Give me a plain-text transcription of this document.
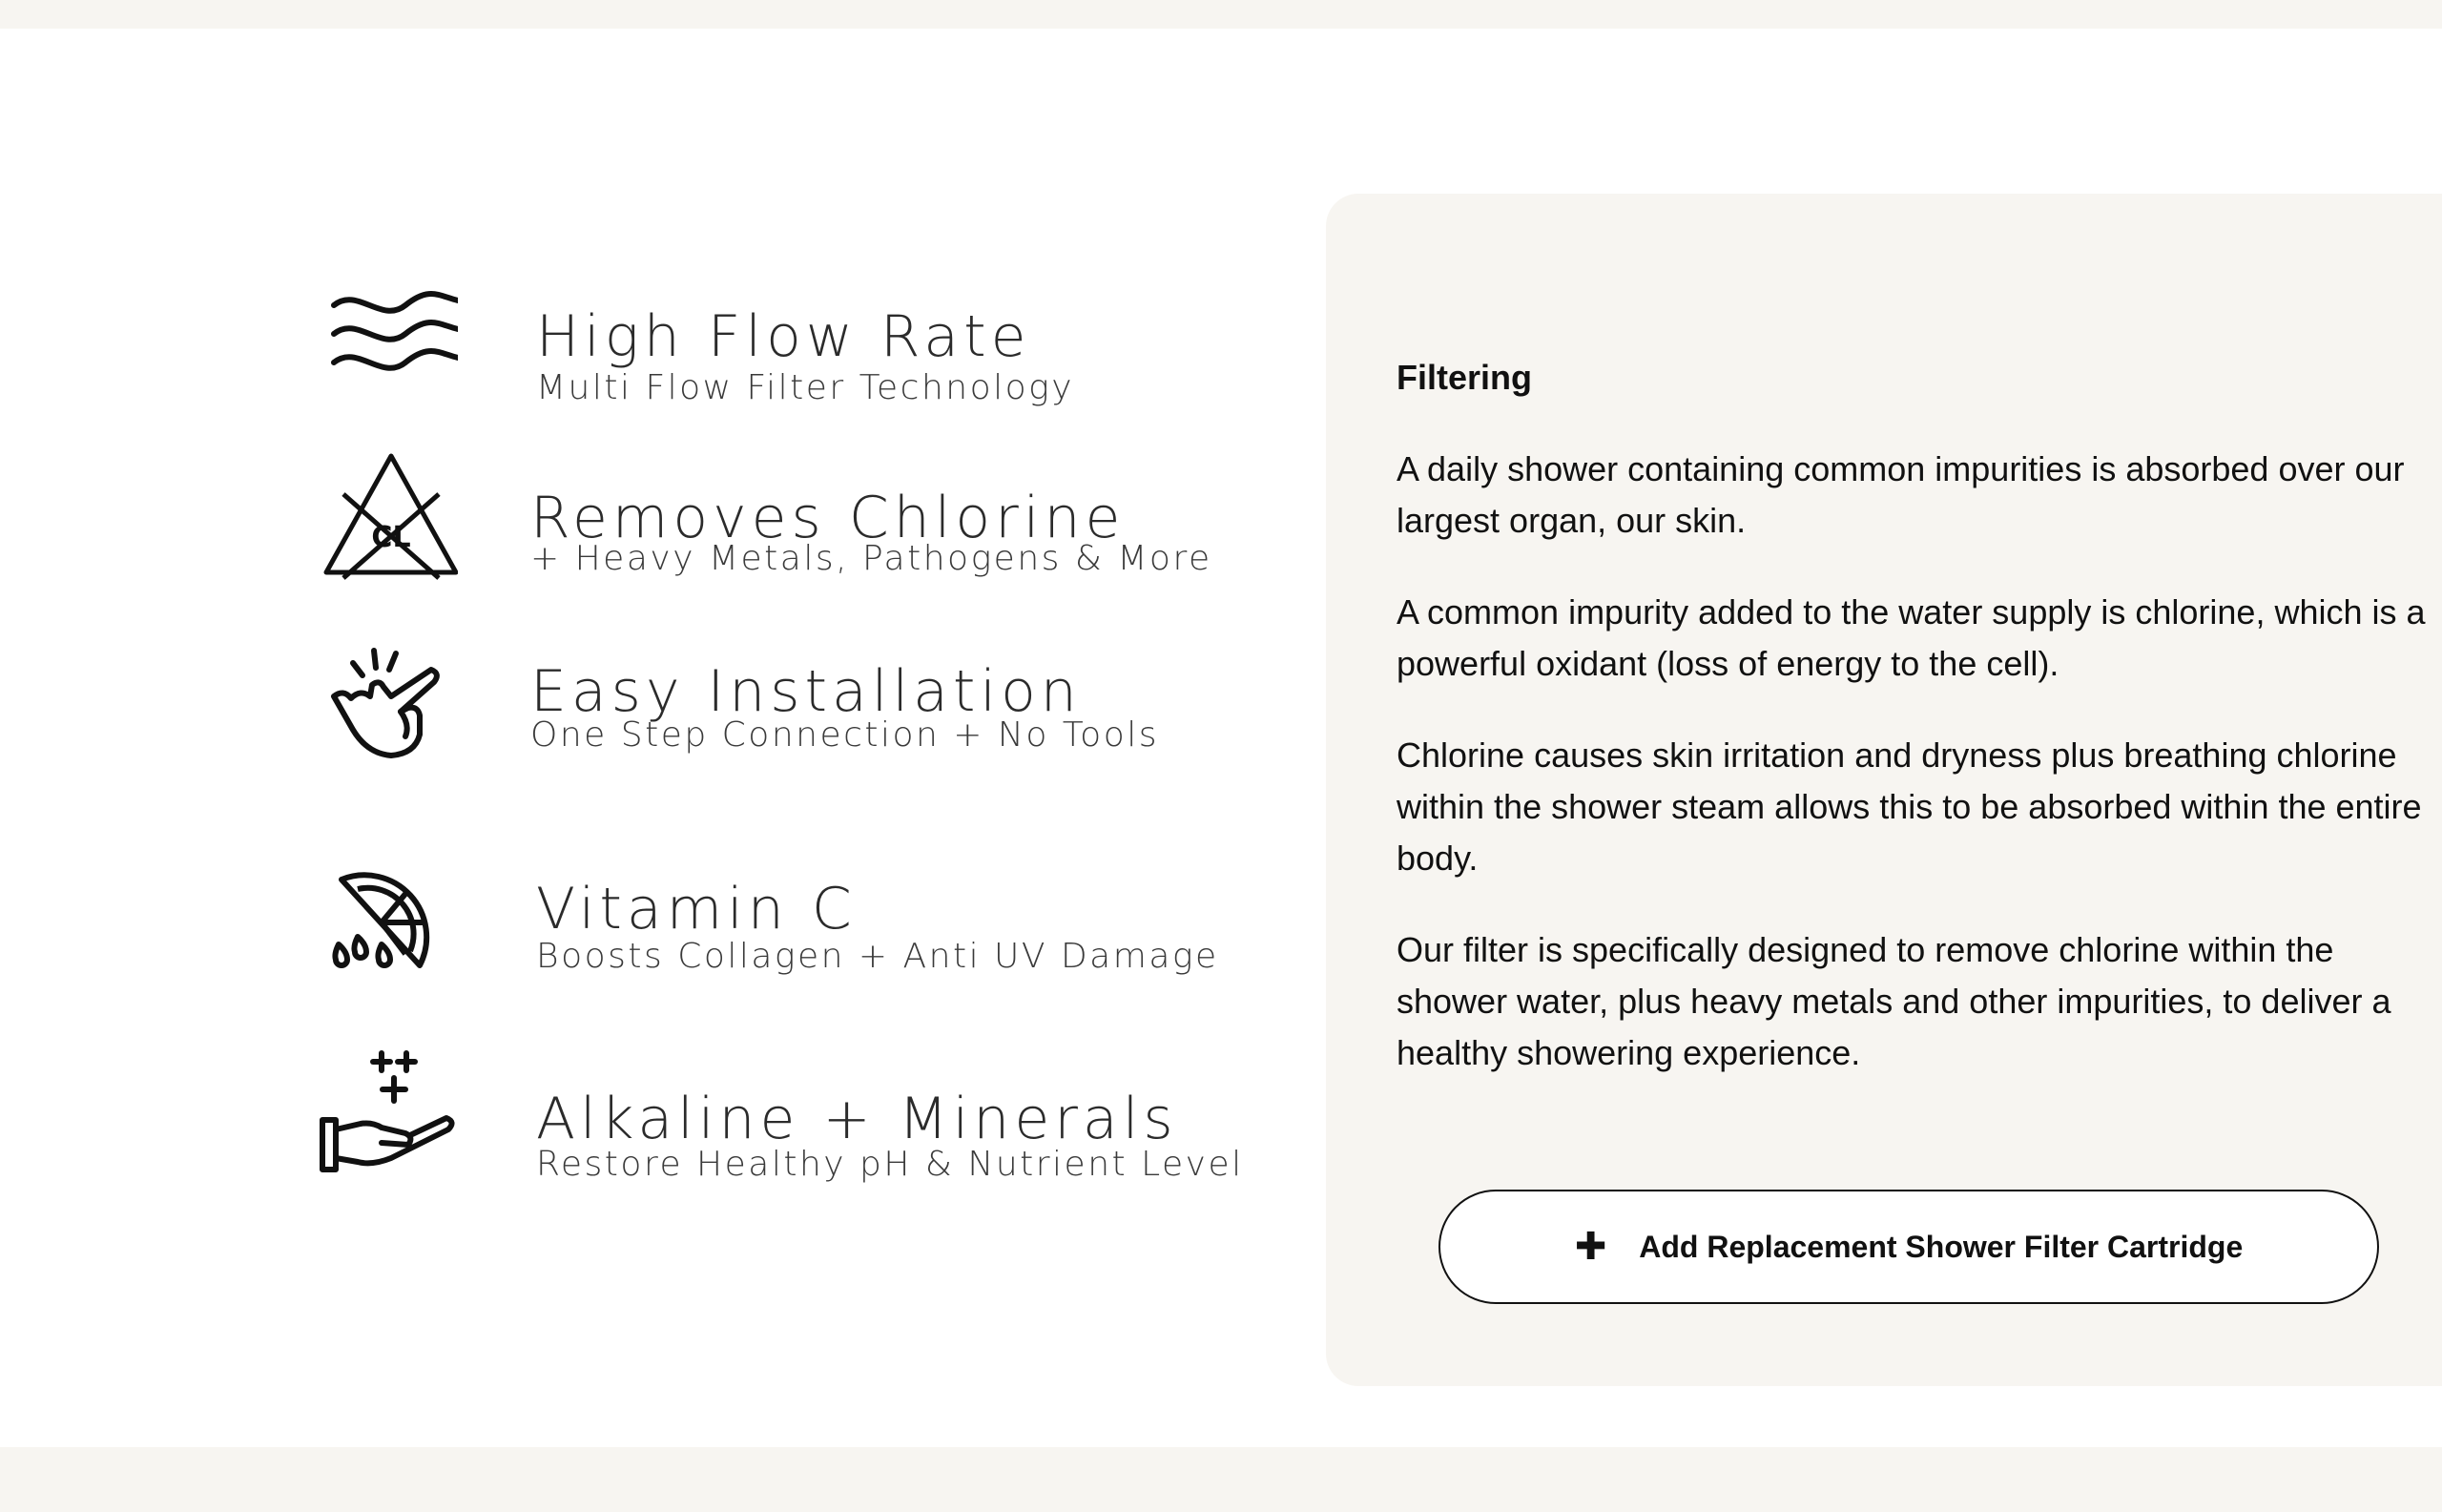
High Flow Rate
Multi Flow Filter Technology
CL Removes Chlorine
+ Heavy Metals, Pathogens & More
Easy Installation
One Step Connection + No Tools
Vitamin C
Boosts Collagen + Anti UV Damage
Alkaline + Minerals
Restore Healthy pH & Nutrient Level
Filtering

A daily shower containing common impurities is absorbed over our largest organ, our skin.

A common impurity added to the water supply is chlorine, which is a powerful oxidant (loss of energy to the cell).

Chlorine causes skin irritation and dryness plus breathing chlorine within the shower steam allows this to be absorbed within the entire body.

Our filter is specifically designed to remove chlorine within the shower water, plus heavy metals and other impurities, to deliver a healthy showering experience.

✚ Add Replacement Shower Filter Cartridge
